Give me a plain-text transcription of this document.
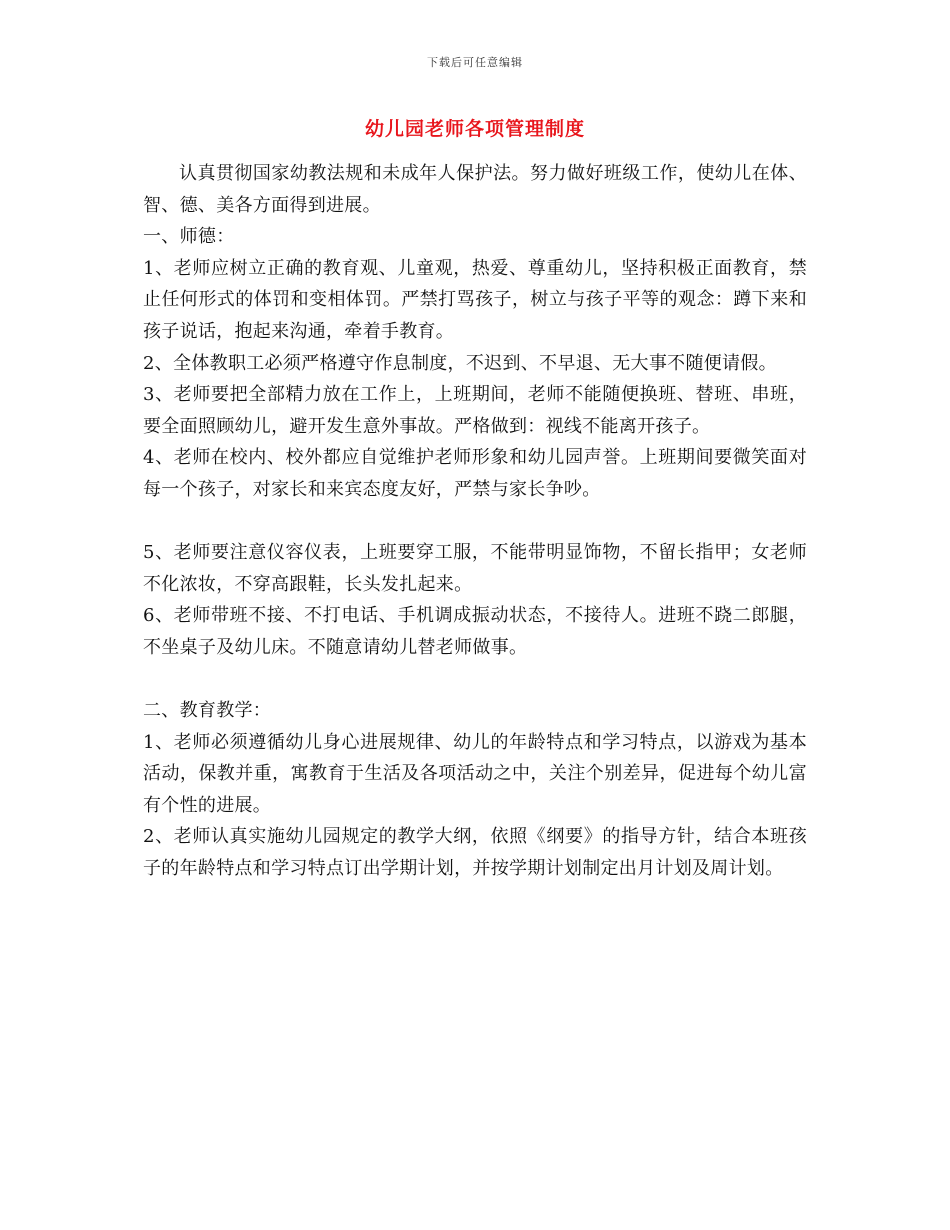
下载后可任意编辑
幼儿园老师各项管理制度

认真贯彻国家幼教法规和未成年人保护法。努力做好班级工作，使幼儿在体、智、德、美各方面得到进展。

一、师德：

1、老师应树立正确的教育观、儿童观，热爱、尊重幼儿，坚持积极正面教育，禁止任何形式的体罚和变相体罚。严禁打骂孩子，树立与孩子平等的观念：蹲下来和孩子说话，抱起来沟通，牵着手教育。

2、全体教职工必须严格遵守作息制度，不迟到、不早退、无大事不随便请假。

3、老师要把全部精力放在工作上，上班期间，老师不能随便换班、替班、串班，要全面照顾幼儿，避开发生意外事故。严格做到：视线不能离开孩子。

4、老师在校内、校外都应自觉维护老师形象和幼儿园声誉。上班期间要微笑面对每一个孩子，对家长和来宾态度友好，严禁与家长争吵。

5、老师要注意仪容仪表，上班要穿工服，不能带明显饰物，不留长指甲；女老师不化浓妆，不穿高跟鞋，长头发扎起来。

6、老师带班不接、不打电话、手机调成振动状态，不接待人。进班不跷二郎腿，不坐桌子及幼儿床。不随意请幼儿替老师做事。

二、教育教学：

1、老师必须遵循幼儿身心进展规律、幼儿的年龄特点和学习特点，以游戏为基本活动，保教并重，寓教育于生活及各项活动之中，关注个别差异，促进每个幼儿富有个性的进展。

2、老师认真实施幼儿园规定的教学大纲，依照《纲要》的指导方针，结合本班孩子的年龄特点和学习特点订出学期计划，并按学期计划制定出月计划及周计划。
